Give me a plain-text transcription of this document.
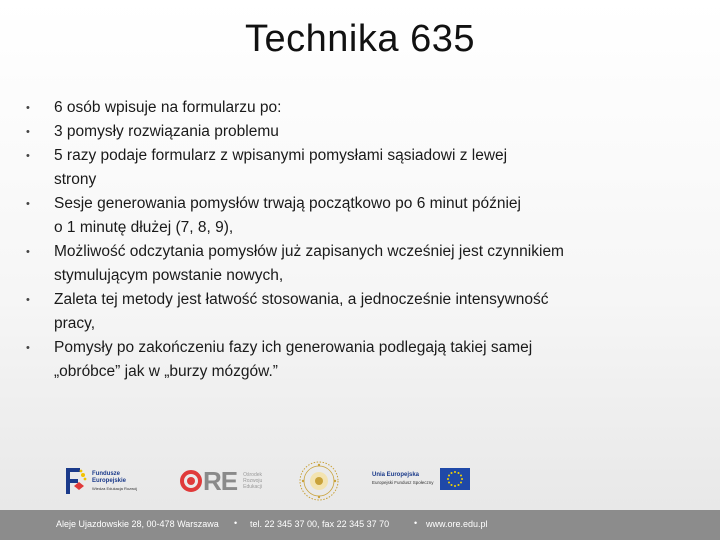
Technika 635
• 6 osób wpisuje na formularzu po:
• 3 pomysły rozwiązania problemu
• 5 razy podaje formularz z wpisanymi pomysłami sąsiadowi z lewej
strony
• Sesje generowania pomysłów trwają początkowo po 6 minut później
o 1 minutę dłużej (7, 8, 9),
• Możliwość odczytania pomysłów już zapisanych wcześniej jest czynnikiem
stymulującym powstanie nowych,
• Zaleta tej metody jest łatwość stosowania, a jednocześnie intensywność
pracy,
• Pomysły po zakończeniu fazy ich generowania podlegają takiej samej
„obróbce” jak w „burzy mózgów.”
Fundusze
Europejskie
Wiedza Edukacja Rozwój	RE Ośrodek
Rozwoju
Edukacji
Unia Europejska
Europejski Fundusz Społeczny
Aleje Ujazdowskie 28, 00-478 Warszawa • tel. 22 345 37 00, fax 22 345 37 70	• www.ore.edu.pl
